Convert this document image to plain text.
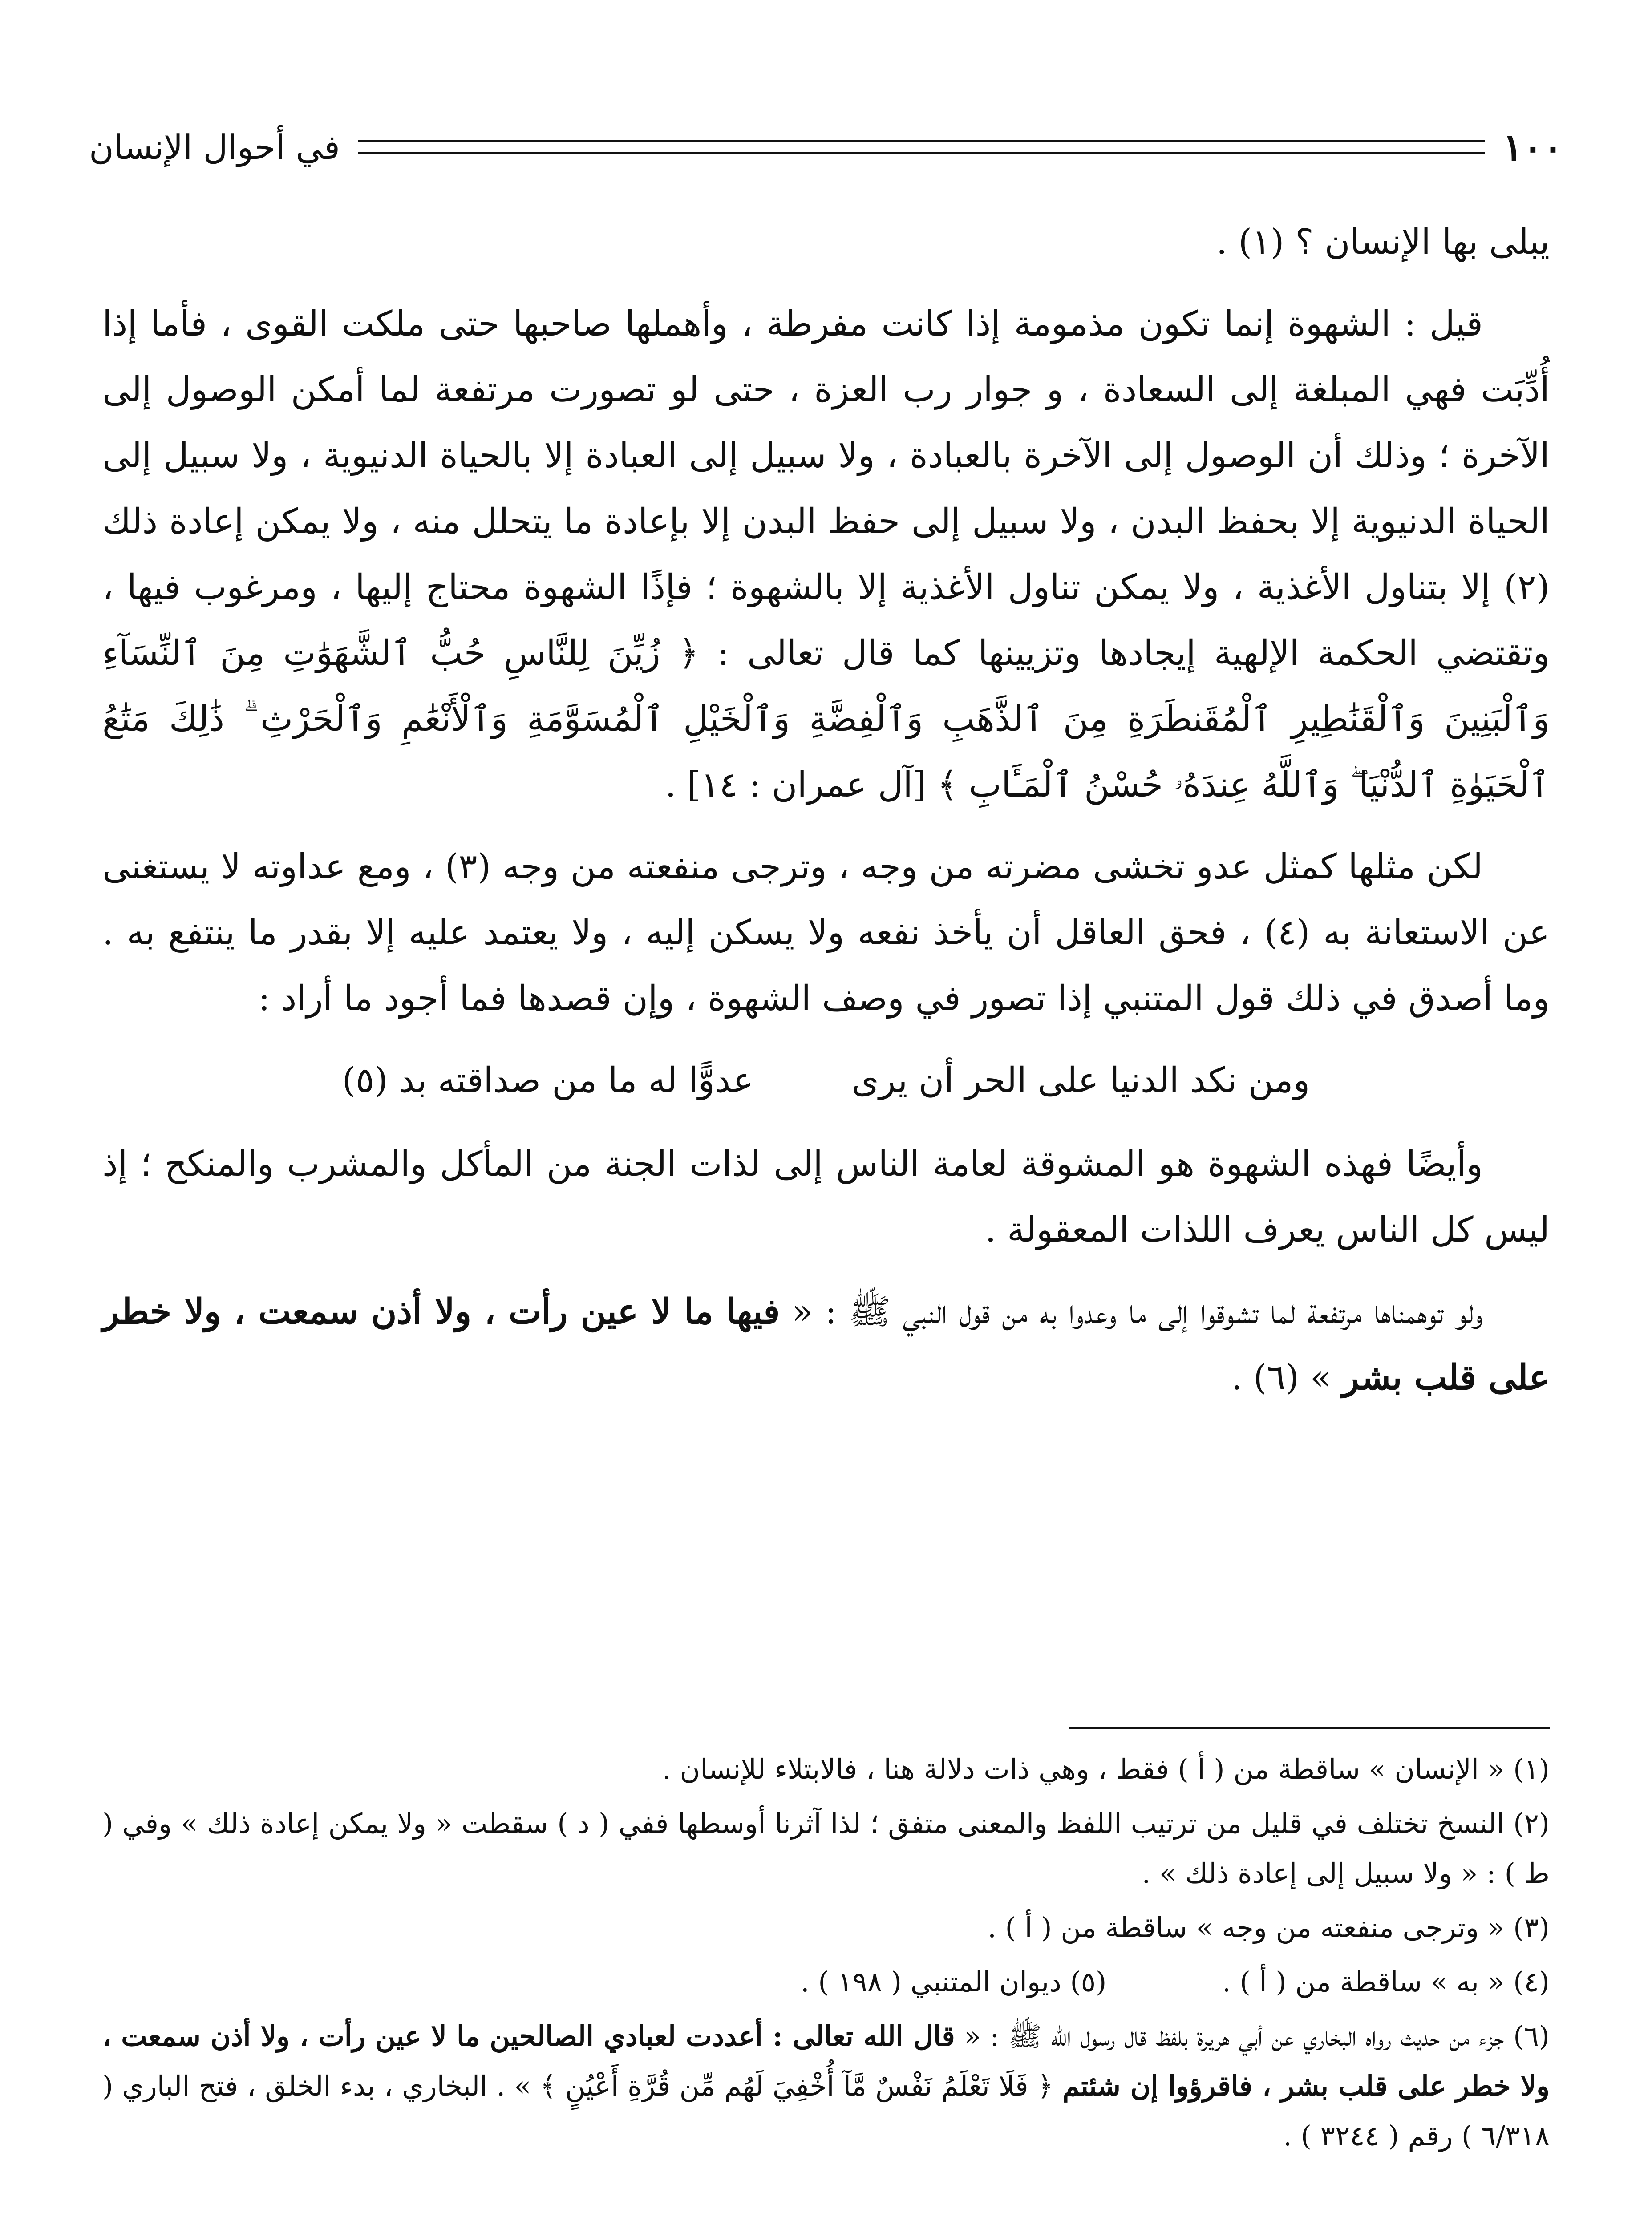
١٠٠
في أحوال الإنسان

يبلى بها الإنسان ؟ (١) .

قيل : الشهوة إنما تكون مذمومة إذا كانت مفرطة ، وأهملها صاحبها حتى ملكت القوى ، فأما إذا أُدِّبَت فهي المبلغة إلى السعادة ، و جوار رب العزة ، حتى لو تصورت مرتفعة لما أمكن الوصول إلى الآخرة ؛ وذلك أن الوصول إلى الآخرة بالعبادة ، ولا سبيل إلى العبادة إلا بالحياة الدنيوية ، ولا سبيل إلى الحياة الدنيوية إلا بحفظ البدن ، ولا سبيل إلى حفظ البدن إلا بإعادة ما يتحلل منه ، ولا يمكن إعادة ذلك (٢) إلا بتناول الأغذية ، ولا يمكن تناول الأغذية إلا بالشهوة ؛ فإذًا الشهوة محتاج إليها ، ومرغوب فيها ، وتقتضي الحكمة الإلهية إيجادها وتزيينها كما قال تعالى : ﴿ زُيِّنَ لِلنَّاسِ حُبُّ ٱلشَّهَوَٰتِ مِنَ ٱلنِّسَآءِ وَٱلْبَنِينَ وَٱلْقَنَٰطِيرِ ٱلْمُقَنطَرَةِ مِنَ ٱلذَّهَبِ وَٱلْفِضَّةِ وَٱلْخَيْلِ ٱلْمُسَوَّمَةِ وَٱلْأَنْعَٰمِ وَٱلْحَرْثِ ۗ ذَٰلِكَ مَتَٰعُ ٱلْحَيَوٰةِ ٱلدُّنْيَا ۖ وَٱللَّهُ عِندَهُۥ حُسْنُ ٱلْمَـَٔابِ ﴾ [آل عمران : ١٤] .

لكن مثلها كمثل عدو تخشى مضرته من وجه ، وترجى منفعته من وجه (٣) ، ومع عداوته لا يستغنى عن الاستعانة به (٤) ، فحق العاقل أن يأخذ نفعه ولا يسكن إليه ، ولا يعتمد عليه إلا بقدر ما ينتفع به . وما أصدق في ذلك قول المتنبي إذا تصور في وصف الشهوة ، وإن قصدها فما أجود ما أراد :

ومن نكد الدنيا على الحر أن يرى
عدوًّا له ما من صداقته بد (٥)

وأيضًا فهذه الشهوة هو المشوقة لعامة الناس إلى لذات الجنة من المأكل والمشرب والمنكح ؛ إذ ليس كل الناس يعرف اللذات المعقولة .

ولو توهمناها مرتفعة لما تشوقوا إلى ما وعدوا به من قول النبي ﷺ : « فيها ما لا عين رأت ، ولا أذن سمعت ، ولا خطر على قلب بشر » (٦) .

(١) « الإنسان » ساقطة من ( أ ) فقط ، وهي ذات دلالة هنا ، فالابتلاء للإنسان .

(٢) النسخ تختلف في قليل من ترتيب اللفظ والمعنى متفق ؛ لذا آثرنا أوسطها ففي ( د ) سقطت « ولا يمكن إعادة ذلك » وفي ( ط ) : « ولا سبيل إلى إعادة ذلك » .

(٣) « وترجى منفعته من وجه » ساقطة من ( أ ) .

(٤) « به » ساقطة من ( أ ) .
(٥) ديوان المتنبي ( ١٩٨ ) .

(٦) جزء من حديث رواه البخاري عن أبي هريرة بلفظ قال رسول الله ﷺ : « قال الله تعالى : أعددت لعبادي الصالحين ما لا عين رأت ، ولا أذن سمعت ، ولا خطر على قلب بشر ، فاقرؤوا إن شئتم ﴿ فَلَا تَعْلَمُ نَفْسٌ مَّآ أُخْفِيَ لَهُم مِّن قُرَّةِ أَعْيُنٍ ﴾ » . البخاري ، بدء الخلق ، فتح الباري ( ٦/٣١٨ ) رقم ( ٣٢٤٤ ) .
